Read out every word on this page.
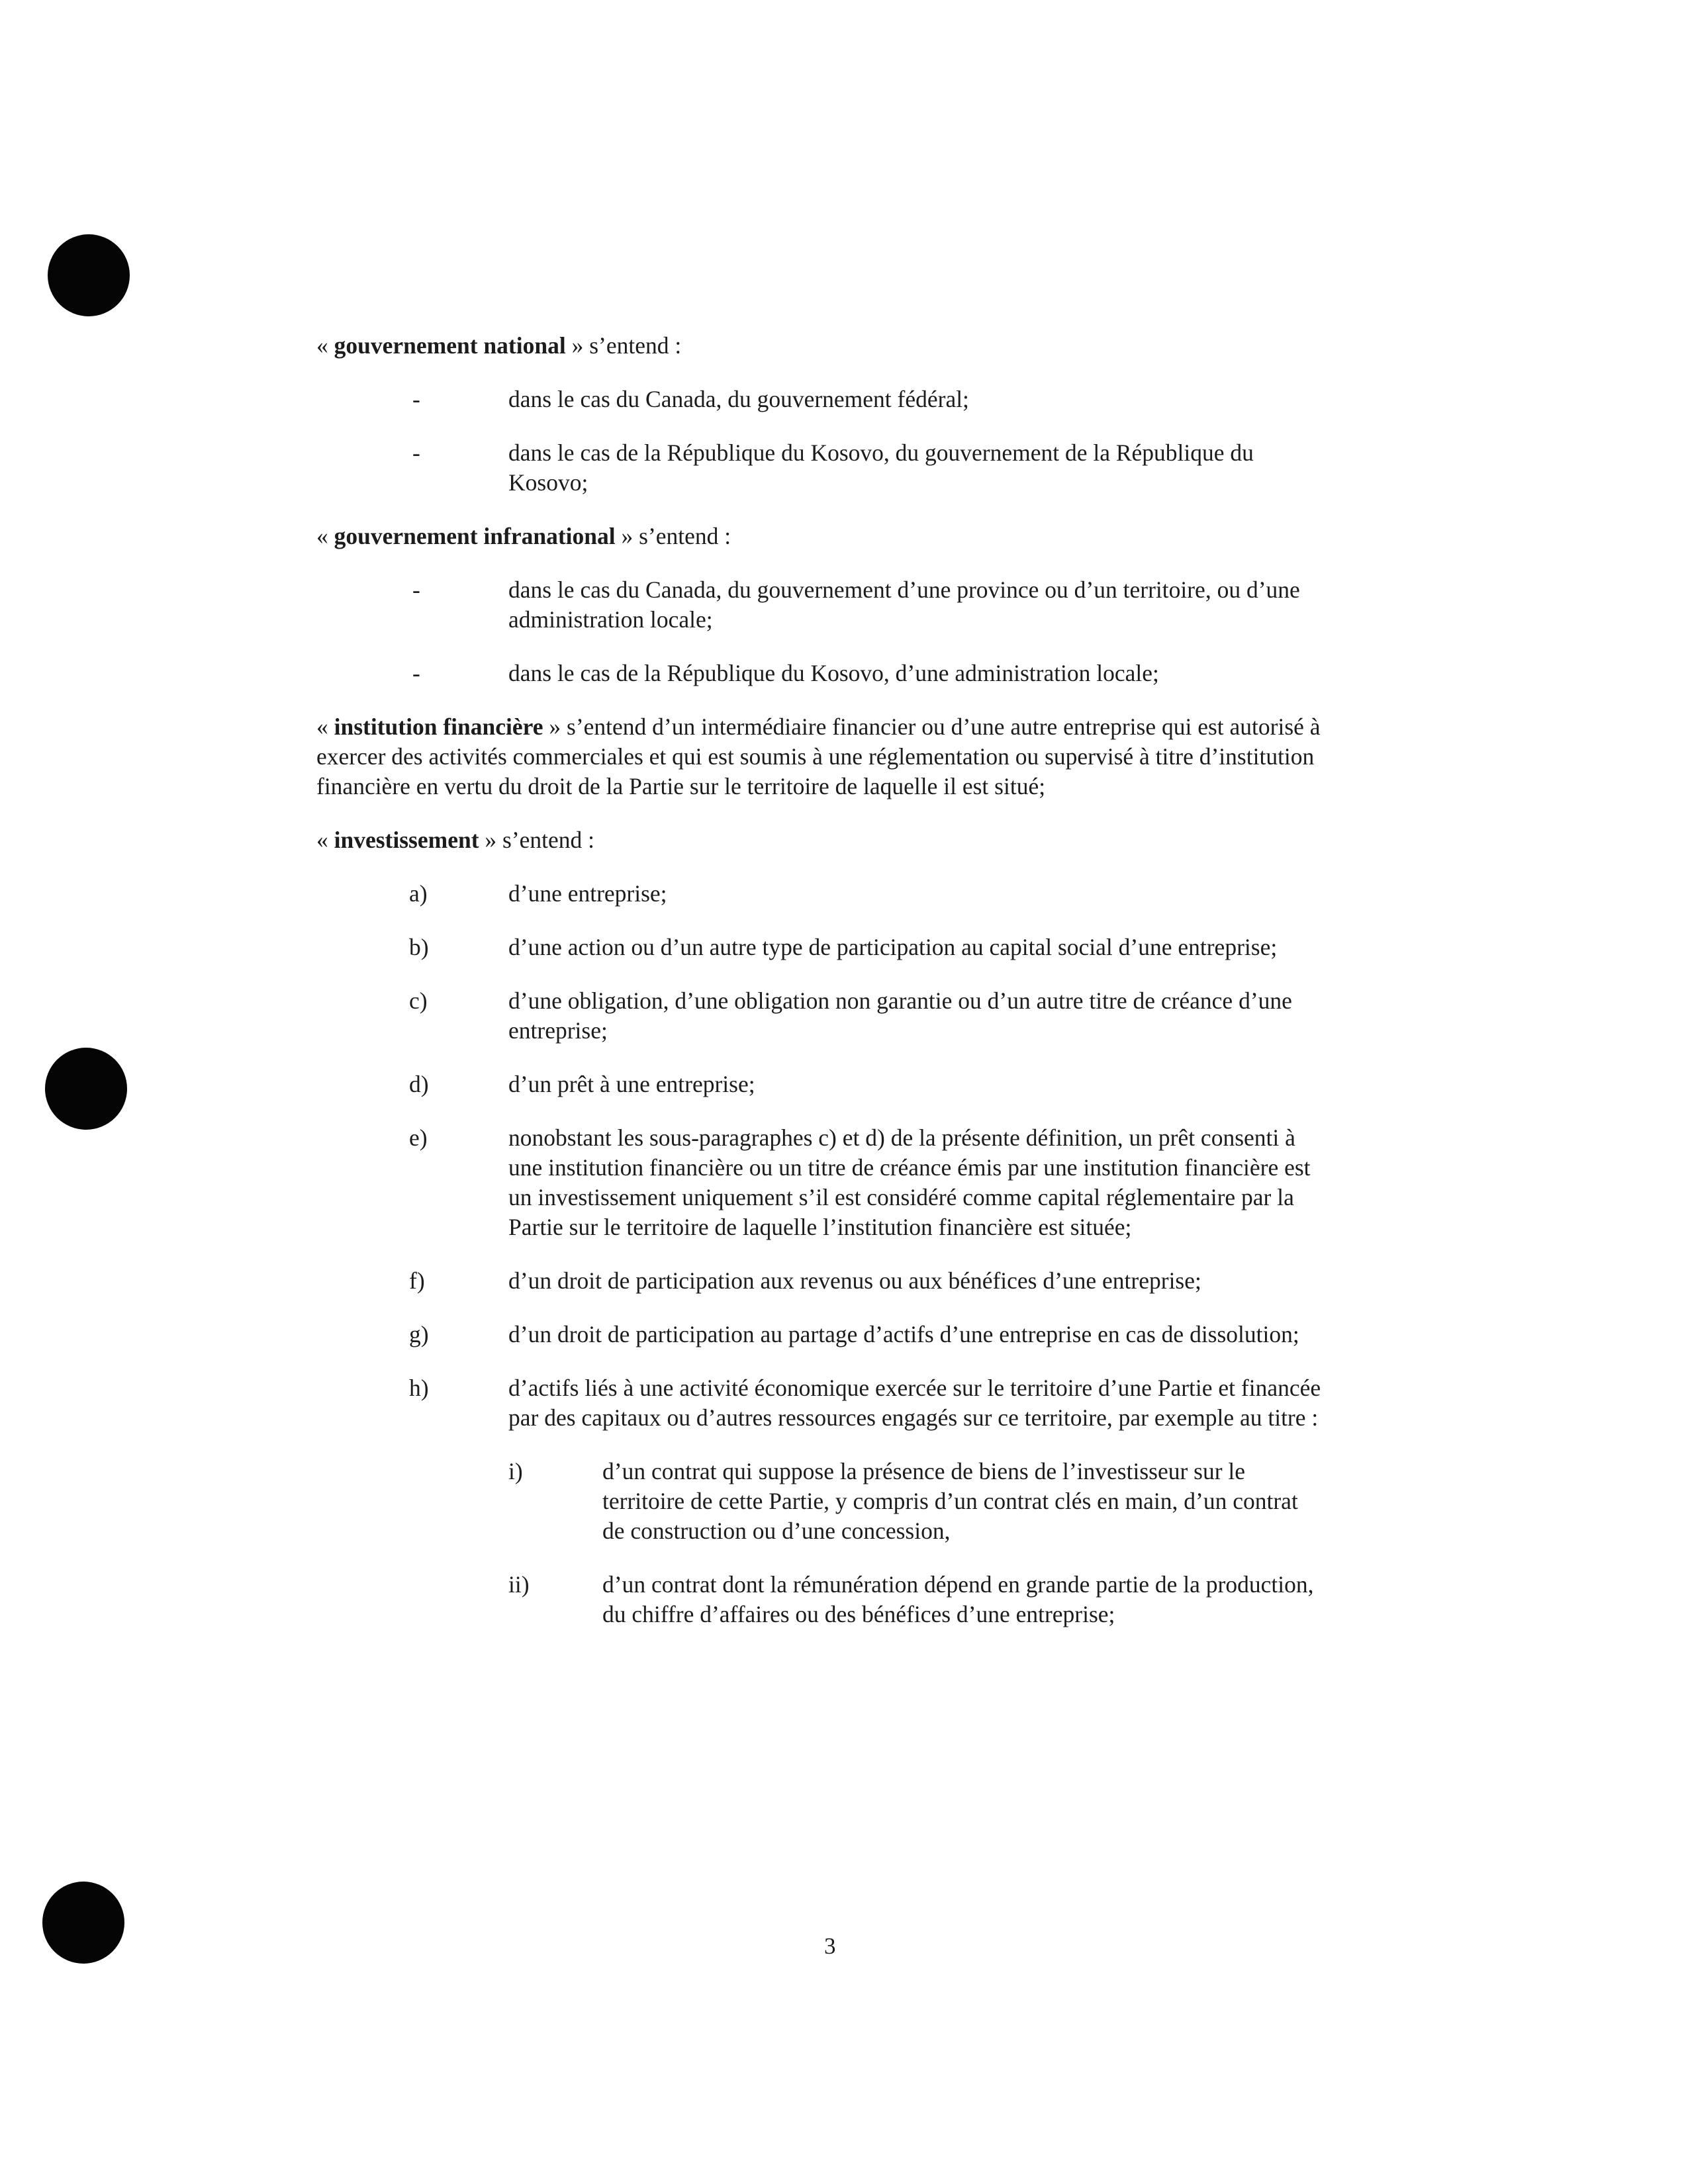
« gouvernement national » s’entend :

-	dans le cas du Canada, du gouvernement fédéral;
-	dans le cas de la République du Kosovo, du gouvernement de la République du Kosovo;

« gouvernement infranational » s’entend :

-	dans le cas du Canada, du gouvernement d’une province ou d’un territoire, ou d’une administration locale;
-	dans le cas de la République du Kosovo, d’une administration locale;

« institution financière » s’entend d’un intermédiaire financier ou d’une autre entreprise qui est autorisé à exercer des activités commerciales et qui est soumis à une réglementation ou supervisé à titre d’institution financière en vertu du droit de la Partie sur le territoire de laquelle il est situé;

« investissement » s’entend :

a)	d’une entreprise;
b)	d’une action ou d’un autre type de participation au capital social d’une entreprise;
c)	d’une obligation, d’une obligation non garantie ou d’un autre titre de créance d’une entreprise;
d)	d’un prêt à une entreprise;
e)	nonobstant les sous-paragraphes c) et d) de la présente définition, un prêt consenti à une institution financière ou un titre de créance émis par une institution financière est un investissement uniquement s’il est considéré comme capital réglementaire par la Partie sur le territoire de laquelle l’institution financière est située;
f)	d’un droit de participation aux revenus ou aux bénéfices d’une entreprise;
g)	d’un droit de participation au partage d’actifs d’une entreprise en cas de dissolution;
h)	d’actifs liés à une activité économique exercée sur le territoire d’une Partie et financée par des capitaux ou d’autres ressources engagés sur ce territoire, par exemple au titre :
i)	d’un contrat qui suppose la présence de biens de l’investisseur sur le territoire de cette Partie, y compris d’un contrat clés en main, d’un contrat de construction ou d’une concession,
ii)	d’un contrat dont la rémunération dépend en grande partie de la production, du chiffre d’affaires ou des bénéfices d’une entreprise;
3
